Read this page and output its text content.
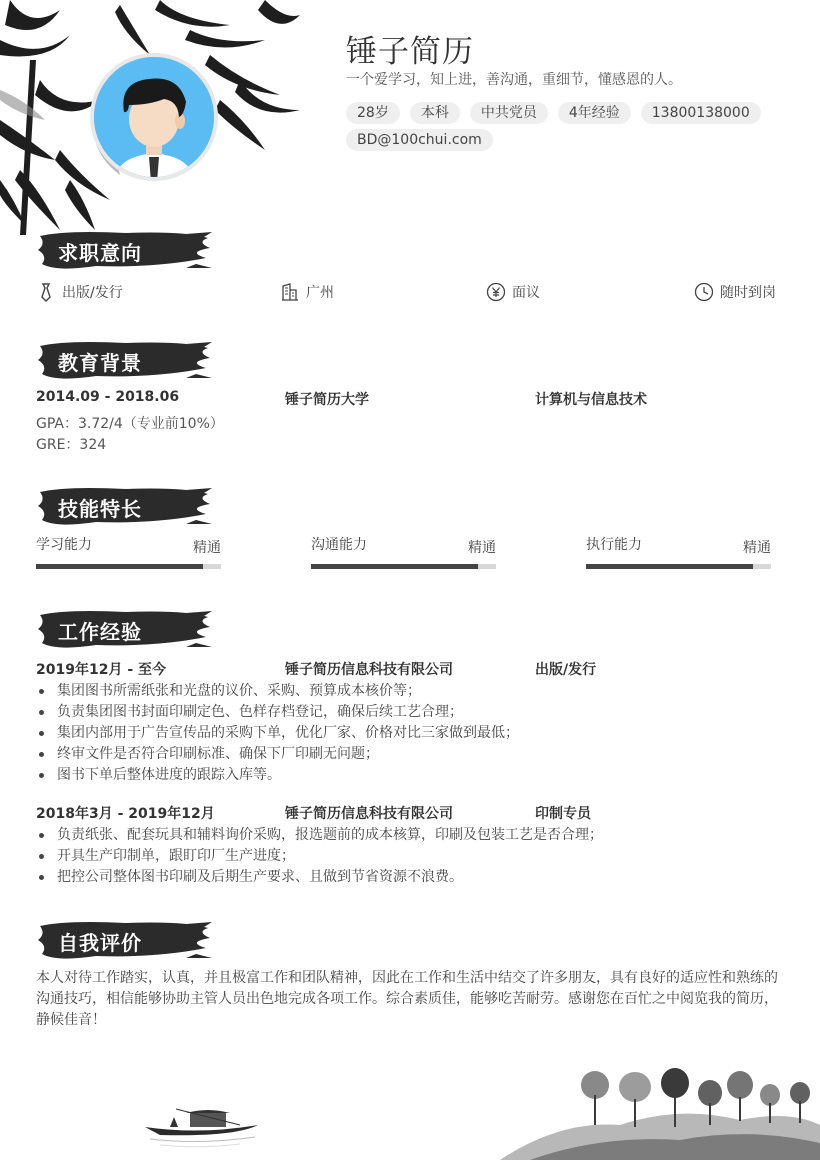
锤子简历
一个爱学习，知上进，善沟通，重细节，懂感恩的人。
28岁	本科	中共党员	4年经验	13800138000
BD@100chui.com
求职意向
出版/发行	广州	面议	随时到岗
教育背景
2014.09 - 2018.06	锤子简历大学	计算机与信息技术
GPA：3.72/4（专业前10%）
GRE：324
技能特长
学习能力	精通	沟通能力	精通	执行能力	精通
工作经验
2019年12月 - 至今	锤子简历信息科技有限公司	出版/发行
集团图书所需纸张和光盘的议价、采购、预算成本核价等；
负责集团图书封面印刷定色、色样存档登记，确保后续工艺合理；
集团内部用于广告宣传品的采购下单，优化厂家、价格对比三家做到最低；
终审文件是否符合印刷标准、确保下厂印刷无问题；
图书下单后整体进度的跟踪入库等。
2018年3月 - 2019年12月	锤子简历信息科技有限公司	印制专员
负责纸张、配套玩具和辅料询价采购，报选题前的成本核算，印刷及包装工艺是否合理；
开具生产印制单，跟盯印厂生产进度；
把控公司整体图书印刷及后期生产要求、且做到节省资源不浪费。
自我评价
本人对待工作踏实，认真，并且极富工作和团队精神，因此在工作和生活中结交了许多朋友，具有良好的适应性和熟练的沟通技巧，相信能够协助主管人员出色地完成各项工作。综合素质佳，能够吃苦耐劳。感谢您在百忙之中阅览我的简历，静候佳音！
